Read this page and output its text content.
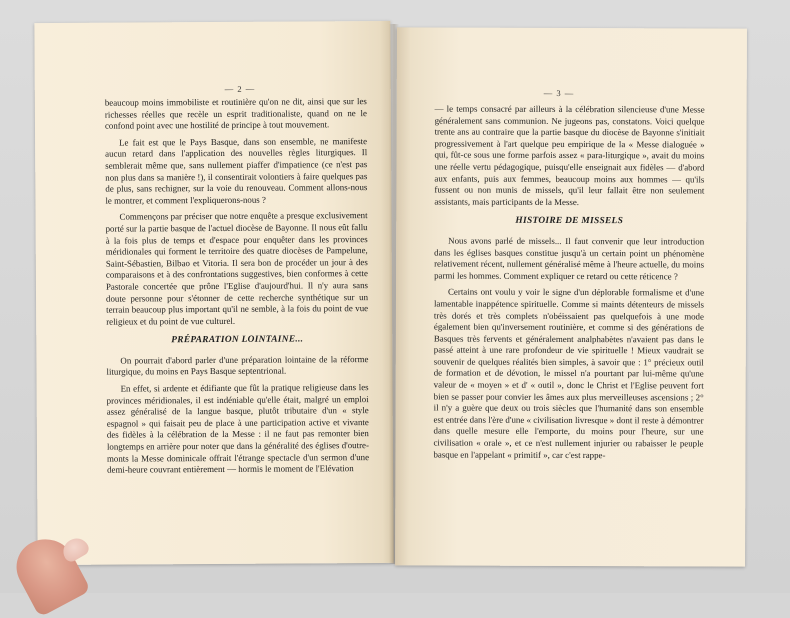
— 2 —

beaucoup moins immobiliste et routinière qu'on ne dit, ainsi que sur les richesses réelles que recèle un esprit traditionaliste, quand on ne le confond point avec une hostilité de principe à tout mouvement.

Le fait est que le Pays Basque, dans son ensemble, ne manifeste aucun retard dans l'application des nouvelles règles liturgiques. Il semblerait même que, sans nullement piaffer d'impatience (ce n'est pas non plus dans sa manière !), il consentirait volontiers à faire quelques pas de plus, sans rechigner, sur la voie du renouveau. Comment allons-nous le montrer, et comment l'expliquerons-nous ?

Commençons par préciser que notre enquête a presque exclusivement porté sur la partie basque de l'actuel diocèse de Bayonne. Il nous eût fallu à la fois plus de temps et d'espace pour enquêter dans les provinces méridionales qui forment le territoire des quatre diocèses de Pampelune, Saint-Sébastien, Bilbao et Vitoria. Il sera bon de procéder un jour à des comparaisons et à des confrontations suggestives, bien conformes à cette Pastorale concertée que prône l'Eglise d'aujourd'hui. Il n'y aura sans doute personne pour s'étonner de cette recherche synthétique sur un terrain beaucoup plus important qu'il ne semble, à la fois du point de vue religieux et du point de vue culturel.

PRÉPARATION LOINTAINE...

On pourrait d'abord parler d'une préparation lointaine de la réforme liturgique, du moins en Pays Basque septentrional.

En effet, si ardente et édifiante que fût la pratique religieuse dans les provinces méridionales, il est indéniable qu'elle était, malgré un emploi assez généralisé de la langue basque, plutôt tributaire d'un « style espagnol » qui faisait peu de place à une participation active et vivante des fidèles à la célébration de la Messe : il ne faut pas remonter bien longtemps en arrière pour noter que dans la généralité des églises d'outre-monts la Messe dominicale offrait l'étrange spectacle d'un sermon d'une demi-heure couvrant entièrement — hormis le moment de l'Elévation

— 3 —

— le temps consacré par ailleurs à la célébration silencieuse d'une Messe généralement sans communion. Ne jugeons pas, constatons. Voici quelque trente ans au contraire que la partie basque du diocèse de Bayonne s'initiait progressivement à l'art quelque peu empirique de la « Messe dialoguée » qui, fût-ce sous une forme parfois assez « para-liturgique », avait du moins une réelle vertu pédagogique, puisqu'elle enseignait aux fidèles — d'abord aux enfants, puis aux femmes, beaucoup moins aux hommes — qu'ils fussent ou non munis de missels, qu'il leur fallait être non seulement assistants, mais participants de la Messe.

HISTOIRE DE MISSELS

Nous avons parlé de missels... Il faut convenir que leur introduction dans les églises basques constitue jusqu'à un certain point un phénomène relativement récent, nullement généralisé même à l'heure actuelle, du moins parmi les hommes. Comment expliquer ce retard ou cette réticence ?

Certains ont voulu y voir le signe d'un déplorable formalisme et d'une lamentable inappétence spirituelle. Comme si maints détenteurs de missels très dorés et très complets n'obéissaient pas quelquefois à une mode également bien qu'inversement routinière, et comme si des générations de Basques très fervents et généralement analphabètes n'avaient pas dans le passé atteint à une rare profondeur de vie spirituelle ! Mieux vaudrait se souvenir de quelques réalités bien simples, à savoir que : 1° précieux outil de formation et de dévotion, le missel n'a pourtant par lui-même qu'une valeur de « moyen » et d' « outil », donc le Christ et l'Eglise peuvent fort bien se passer pour convier les âmes aux plus merveilleuses ascensions ; 2° il n'y a guère que deux ou trois siècles que l'humanité dans son ensemble est entrée dans l'ère d'une « civilisation livresque » dont il reste à démontrer dans quelle mesure elle l'emporte, du moins pour l'heure, sur une civilisation « orale », et ce n'est nullement injurier ou rabaisser le peuple basque en l'appelant « primitif », car c'est rappe-
